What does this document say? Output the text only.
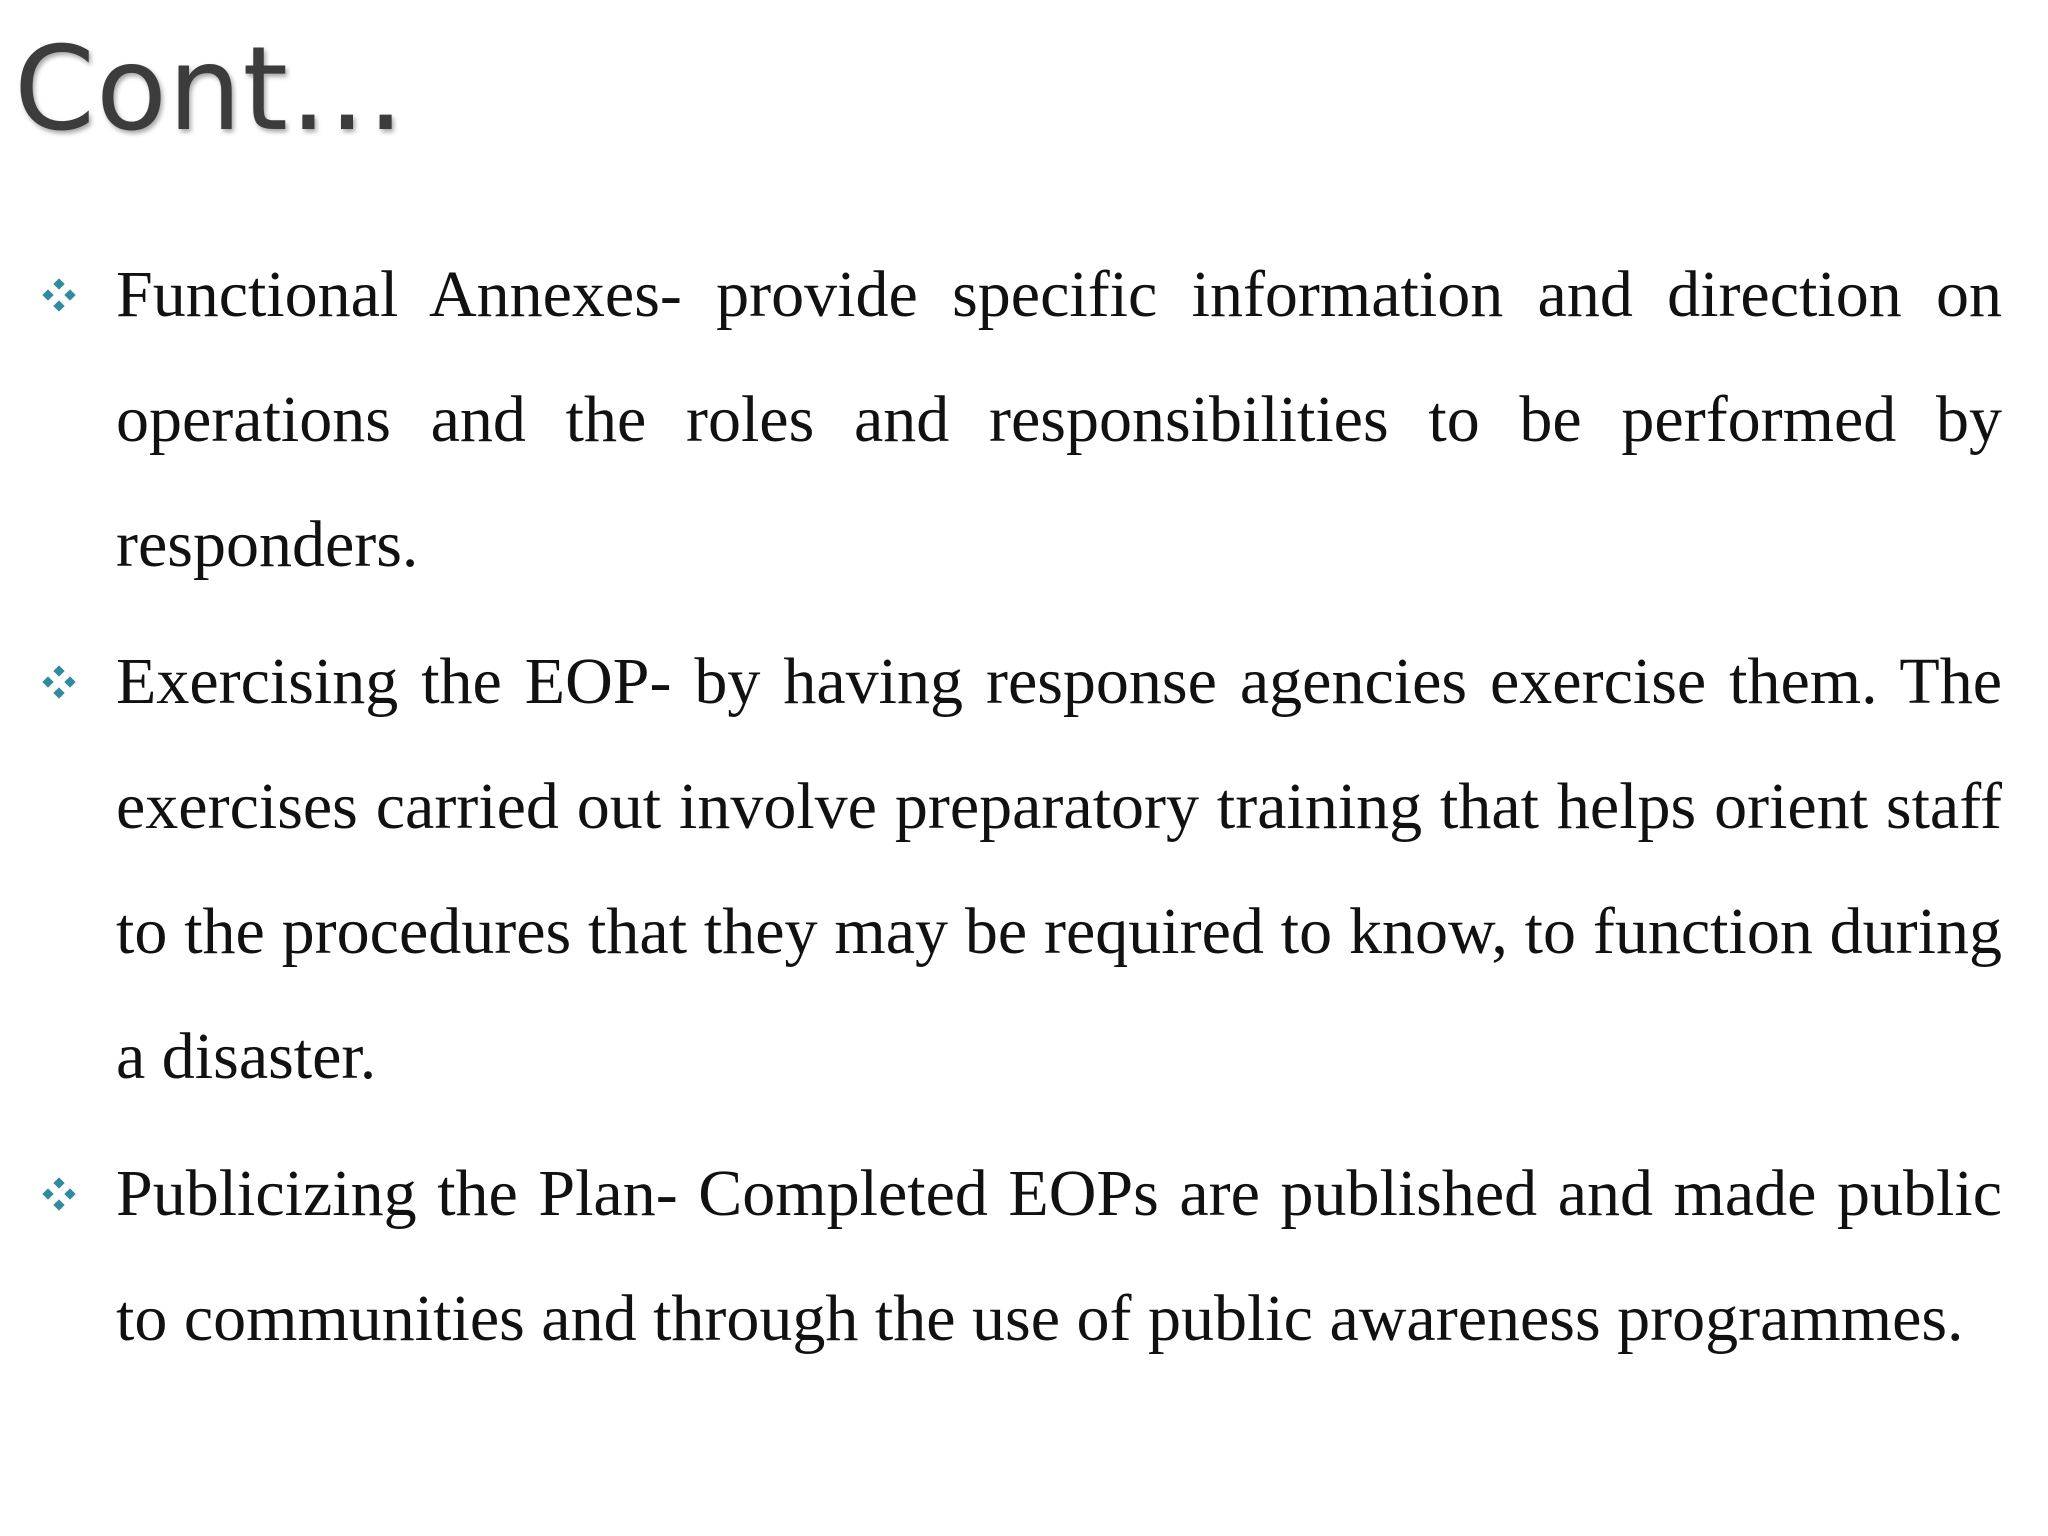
Cont…

Functional Annexes- provide specific information and direction on operations and the roles and responsibilities to be performed by responders.

Exercising the EOP- by having response agencies exercise them. The exercises carried out involve preparatory training that helps orient staff to the procedures that they may be required to know, to function during a disaster.

Publicizing the Plan- Completed EOPs are published and made public to communities and through the use of public awareness programmes.
